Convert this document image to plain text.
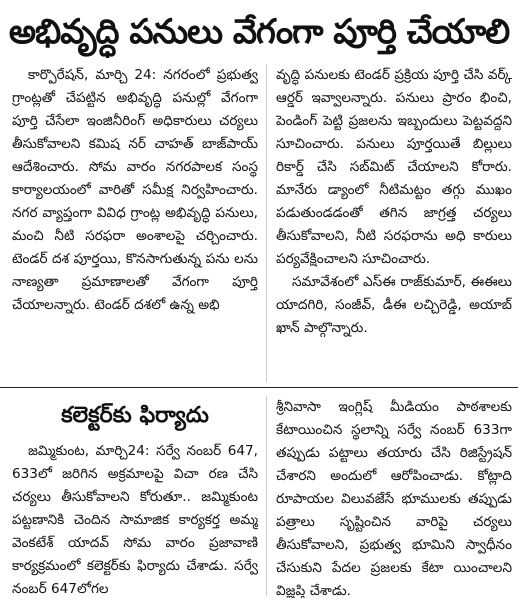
అభివృద్ధి పనులు వేగంగా పూర్తి చేయాలి

కార్పొరేషన్, మార్చి 24: నగరంలో ప్రభుత్వ గ్రాంట్లతో చేపట్టిన అభివృద్ధి పనుల్లో వేగంగా పూర్తి చేసేలా ఇంజినీరింగ్ అధికారులు చర్యలు తీసుకోవాలని కమిష నర్ చాహత్ బాజ్‌పాయ్ ఆదేశించారు. సోమ వారం నగరపాలక సంస్థ కార్యాలయంలో వారితో సమీక్ష నిర్వహించారు. నగర వ్యాప్తంగా వివిధ గ్రాంట్ల అభివృద్ధి పనులు, మంచి నీటి సరఫరా అంశాలపై చర్చించారు. టెండర్ దశ పూర్తయి, కొనసాగుతున్న పను లను నాణ్యతా ప్రమాణాలతో వేగంగా పూర్తి చేయాలన్నారు. టెండర్ దశలో ఉన్న అభి

వృద్ధి పనులకు టెండర్ ప్రక్రియ పూర్తి చేసి వర్క్ ఆర్డర్ ఇవ్వాలన్నారు. పనులు ప్రారం భించి, పెండింగ్ పెట్టి ప్రజలను ఇబ్బందులు పెట్టవద్దని సూచించారు. పనులు పూర్తయితే బిల్లులు రికార్డ్ చేసి సబ్‌మిట్ చేయాలని కోరారు. మానేరు డ్యాంలో నీటిమట్టం తగ్గు ముఖం పడుతుండడంతో తగిన జాగ్రత్త చర్యలు తీసుకోవాలని, నీటి సరఫరాను అధి కారులు పర్యవేక్షించాలని సూచించారు.

సమావేశంలో ఎస్ఈ రాజ్‌కుమార్, ఈఈలు యాదగిరి, సంజీవ్, డీఈ లచ్చిరెడ్డి, అయాబ్ ఖాన్ పాల్గొన్నారు.

కలెక్టర్‌కు ఫిర్యాదు

జమ్మికుంట, మార్చి24: సర్వే నంబర్ 647, 633లో జరిగిన అక్రమాలపై విచా రణ చేసి చర్యలు తీసుకోవాలని కోరుతూ.. జమ్మికుంట పట్టణానికి చెందిన సామాజిక కార్యకర్త అమ్మ వెంకటేశ్ యాదవ్ సోమ వారం ప్రజావాణి కార్యక్రమంలో కలెక్టర్‌కు ఫిర్యాదు చేశాడు. సర్వే నంబర్ 647లోగల

శ్రీనివాసా ఇంగ్లిష్ మీడియం పాఠశాలకు కేటాయించిన స్థలాన్ని సర్వే నంబర్ 633గా తప్పుడు పట్టాలు తయారు చేసి రిజిస్ట్రేషన్ చేశారని అందులో ఆరోపించాడు. కోట్లాది రూపాయల విలువజేసే భూములకు తప్పుడు పత్రాలు సృష్టించిన వారిపై చర్యలు తీసుకోవాలని, ప్రభుత్వ భూమిని స్వాధీనం చేసుకుని పేదల ప్రజలకు కేటా యించాలని విజ్ఞప్తి చేశాడు.
